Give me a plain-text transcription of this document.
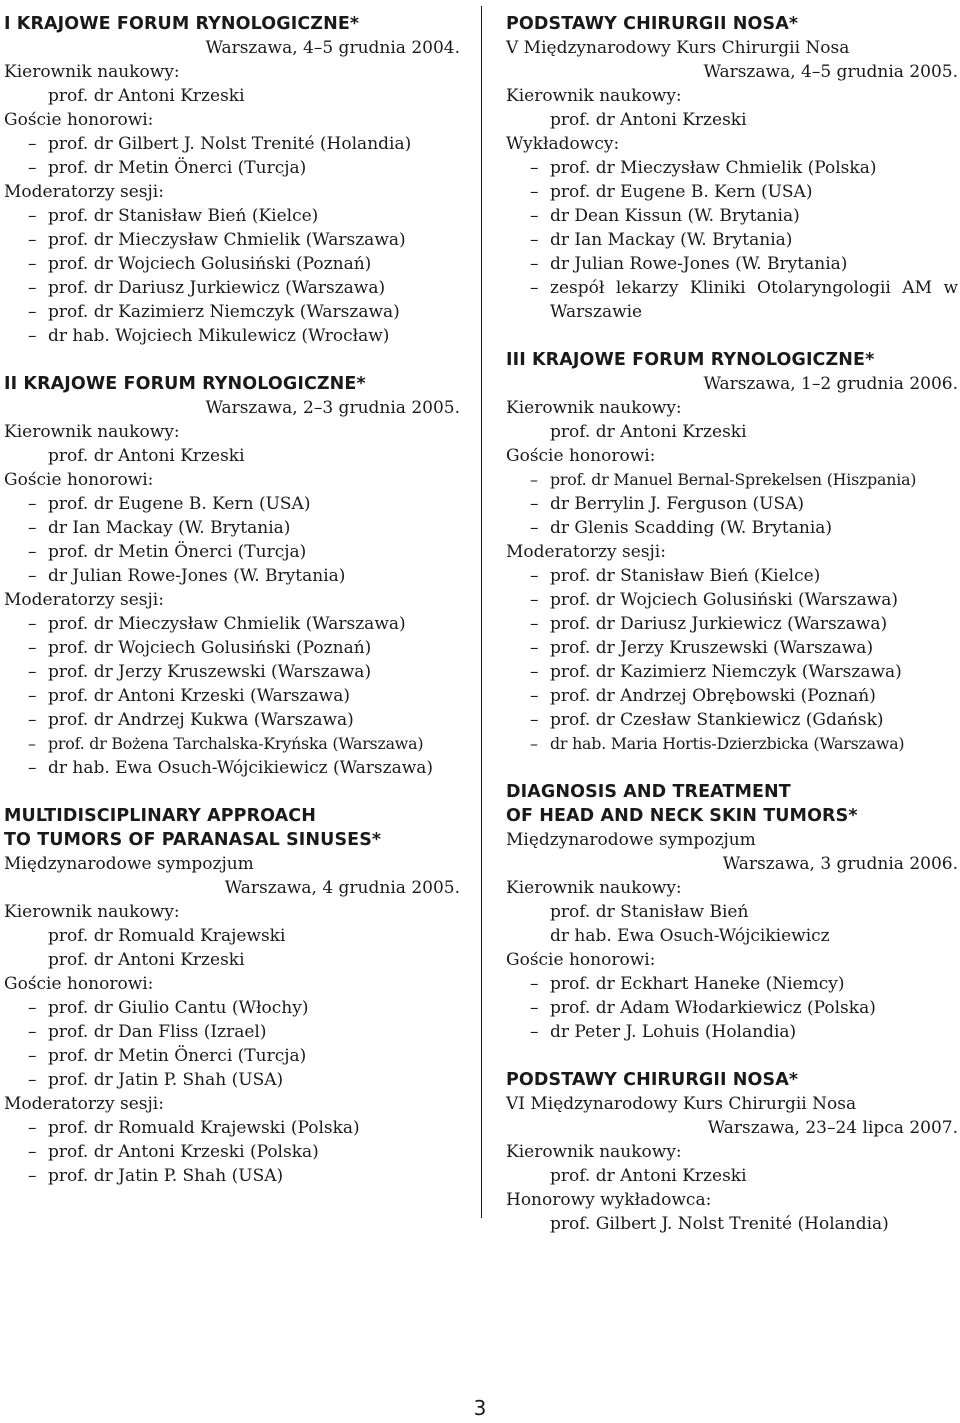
I KRAJOWE FORUM RYNOLOGICZNE*
Warszawa, 4–5 grudnia 2004.
Kierownik naukowy:
prof. dr Antoni Krzeski
Goście honorowi:
– prof. dr Gilbert J. Nolst Trenité (Holandia)
– prof. dr Metin Önerci (Turcja)
Moderatorzy sesji:
– prof. dr Stanisław Bień (Kielce)
– prof. dr Mieczysław Chmielik (Warszawa)
– prof. dr Wojciech Golusiński (Poznań)
– prof. dr Dariusz Jurkiewicz (Warszawa)
– prof. dr Kazimierz Niemczyk (Warszawa)
– dr hab. Wojciech Mikulewicz (Wrocław)
II KRAJOWE FORUM RYNOLOGICZNE*
Warszawa, 2–3 grudnia 2005.
Kierownik naukowy:
prof. dr Antoni Krzeski
Goście honorowi:
– prof. dr Eugene B. Kern (USA)
– dr Ian Mackay (W. Brytania)
– prof. dr Metin Önerci (Turcja)
– dr Julian Rowe-Jones (W. Brytania)
Moderatorzy sesji:
– prof. dr Mieczysław Chmielik (Warszawa)
– prof. dr Wojciech Golusiński (Poznań)
– prof. dr Jerzy Kruszewski (Warszawa)
– prof. dr Antoni Krzeski (Warszawa)
– prof. dr Andrzej Kukwa (Warszawa)
– prof. dr Bożena Tarchalska-Kryńska (Warszawa)
– dr hab. Ewa Osuch-Wójcikiewicz (Warszawa)
MULTIDISCIPLINARY APPROACH
TO TUMORS OF PARANASAL SINUSES*
Międzynarodowe sympozjum
Warszawa, 4 grudnia 2005.
Kierownik naukowy:
prof. dr Romuald Krajewski
prof. dr Antoni Krzeski
Goście honorowi:
– prof. dr Giulio Cantu (Włochy)
– prof. dr Dan Fliss (Izrael)
– prof. dr Metin Önerci (Turcja)
– prof. dr Jatin P. Shah (USA)
Moderatorzy sesji:
– prof. dr Romuald Krajewski (Polska)
– prof. dr Antoni Krzeski (Polska)
– prof. dr Jatin P. Shah (USA)
PODSTAWY CHIRURGII NOSA*
V Międzynarodowy Kurs Chirurgii Nosa
Warszawa, 4–5 grudnia 2005.
Kierownik naukowy:
prof. dr Antoni Krzeski
Wykładowcy:
– prof. dr Mieczysław Chmielik (Polska)
– prof. dr Eugene B. Kern (USA)
– dr Dean Kissun (W. Brytania)
– dr Ian Mackay (W. Brytania)
– dr Julian Rowe-Jones (W. Brytania)
– zespół lekarzy Kliniki Otolaryngologii AM w Warszawie
III KRAJOWE FORUM RYNOLOGICZNE*
Warszawa, 1–2 grudnia 2006.
Kierownik naukowy:
prof. dr Antoni Krzeski
Goście honorowi:
– prof. dr Manuel Bernal-Sprekelsen (Hiszpania)
– dr Berrylin J. Ferguson (USA)
– dr Glenis Scadding (W. Brytania)
Moderatorzy sesji:
– prof. dr Stanisław Bień (Kielce)
– prof. dr Wojciech Golusiński (Warszawa)
– prof. dr Dariusz Jurkiewicz (Warszawa)
– prof. dr Jerzy Kruszewski (Warszawa)
– prof. dr Kazimierz Niemczyk (Warszawa)
– prof. dr Andrzej Obrębowski (Poznań)
– prof. dr Czesław Stankiewicz (Gdańsk)
– dr hab. Maria Hortis-Dzierzbicka (Warszawa)
DIAGNOSIS AND TREATMENT
OF HEAD AND NECK SKIN TUMORS*
Międzynarodowe sympozjum
Warszawa, 3 grudnia 2006.
Kierownik naukowy:
prof. dr Stanisław Bień
dr hab. Ewa Osuch-Wójcikiewicz
Goście honorowi:
– prof. dr Eckhart Haneke (Niemcy)
– prof. dr Adam Włodarkiewicz (Polska)
– dr Peter J. Lohuis (Holandia)
PODSTAWY CHIRURGII NOSA*
VI Międzynarodowy Kurs Chirurgii Nosa
Warszawa, 23–24 lipca 2007.
Kierownik naukowy:
prof. dr Antoni Krzeski
Honorowy wykładowca:
prof. Gilbert J. Nolst Trenité (Holandia)
3
